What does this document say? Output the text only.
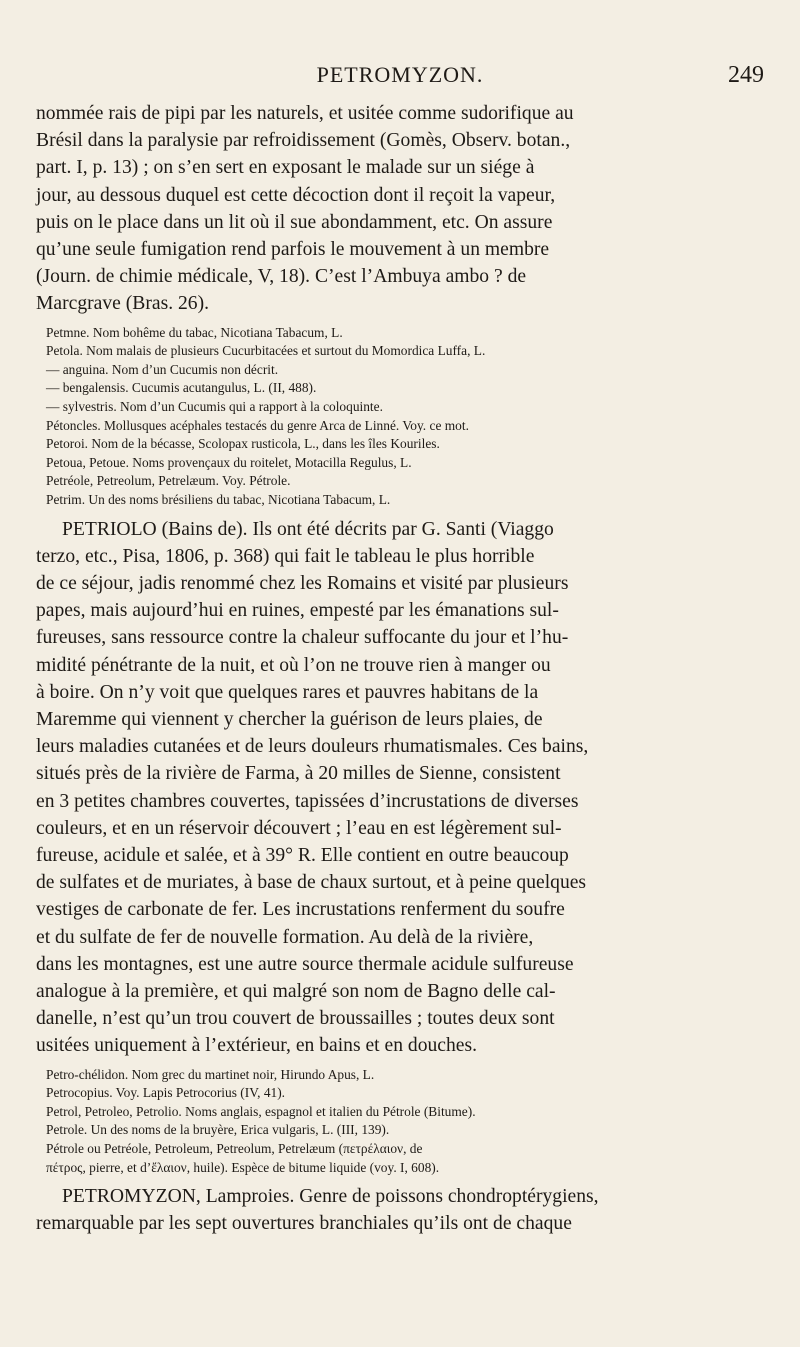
PETROMYZON.	249

nommée rais de pipi par les naturels, et usitée comme sudorifique au

Brésil dans la paralysie par refroidissement (Gomès, Observ. botan.,

part. I, p. 13) ; on s’en sert en exposant le malade sur un siége à

jour, au dessous duquel est cette décoction dont il reçoit la vapeur,

puis on le place dans un lit où il sue abondamment, etc. On assure

qu’une seule fumigation rend parfois le mouvement à un membre

(Journ. de chimie médicale, V, 18). C’est l’Ambuya ambo ? de

Marcgrave (Bras. 26).

Petmne. Nom bohême du tabac, Nicotiana Tabacum, L.

Petola. Nom malais de plusieurs Cucurbitacées et surtout du Momordica Luffa, L.

— anguina. Nom d’un Cucumis non décrit.

— bengalensis. Cucumis acutangulus, L. (II, 488).

— sylvestris. Nom d’un Cucumis qui a rapport à la coloquinte.

Pétoncles. Mollusques acéphales testacés du genre Arca de Linné. Voy. ce mot.

Petoroi. Nom de la bécasse, Scolopax rusticola, L., dans les îles Kouriles.

Petoua, Petoue. Noms provençaux du roitelet, Motacilla Regulus, L.

Petréole, Petreolum, Petrelæum. Voy. Pétrole.

Petrim. Un des noms brésiliens du tabac, Nicotiana Tabacum, L.

PETRIOLO (Bains de). Ils ont été décrits par G. Santi (Viaggo

terzo, etc., Pisa, 1806, p. 368) qui fait le tableau le plus horrible

de ce séjour, jadis renommé chez les Romains et visité par plusieurs

papes, mais aujourd’hui en ruines, empesté par les émanations sul-

fureuses, sans ressource contre la chaleur suffocante du jour et l’hu-

midité pénétrante de la nuit, et où l’on ne trouve rien à manger ou

à boire. On n’y voit que quelques rares et pauvres habitans de la

Maremme qui viennent y chercher la guérison de leurs plaies, de

leurs maladies cutanées et de leurs douleurs rhumatismales. Ces bains,

situés près de la rivière de Farma, à 20 milles de Sienne, consistent

en 3 petites chambres couvertes, tapissées d’incrustations de diverses

couleurs, et en un réservoir découvert ; l’eau en est légèrement sul-

fureuse, acidule et salée, et à 39° R. Elle contient en outre beaucoup

de sulfates et de muriates, à base de chaux surtout, et à peine quelques

vestiges de carbonate de fer. Les incrustations renferment du soufre

et du sulfate de fer de nouvelle formation. Au delà de la rivière,

dans les montagnes, est une autre source thermale acidule sulfureuse

analogue à la première, et qui malgré son nom de Bagno delle cal-

danelle, n’est qu’un trou couvert de broussailles ; toutes deux sont

usitées uniquement à l’extérieur, en bains et en douches.

Petro-chélidon. Nom grec du martinet noir, Hirundo Apus, L.

Petrocopius. Voy. Lapis Petrocorius (IV, 41).

Petrol, Petroleo, Petrolio. Noms anglais, espagnol et italien du Pétrole (Bitume).

Petrole. Un des noms de la bruyère, Erica vulgaris, L. (III, 139).

Pétrole ou Petréole, Petroleum, Petreolum, Petrelæum (πετρέλαιον, de

πέτρος, pierre, et d’ἔλαιον, huile). Espèce de bitume liquide (voy. I, 608).

PETROMYZON, Lamproies. Genre de poissons chondroptérygiens,

remarquable par les sept ouvertures branchiales qu’ils ont de chaque
